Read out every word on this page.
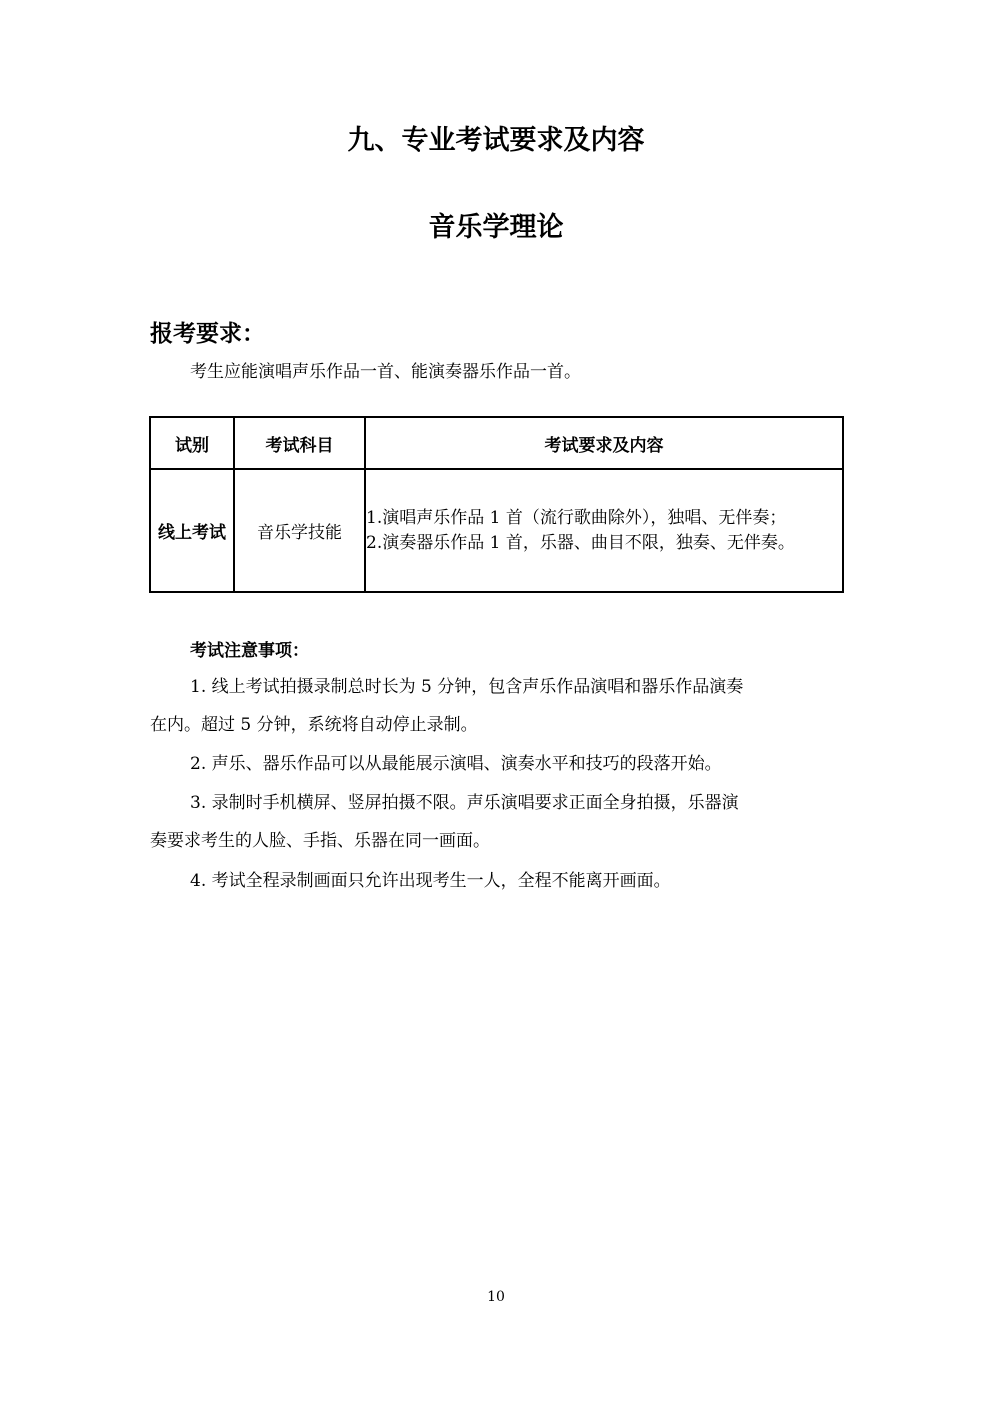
九、专业考试要求及内容
音乐学理论
报考要求：
考生应能演唱声乐作品一首、能演奏器乐作品一首。
试别	考试科目	考试要求及内容
线上考试	音乐学技能	1.演唱声乐作品 1 首（流行歌曲除外），独唱、无伴奏；
2.演奏器乐作品 1 首，乐器、曲目不限，独奏、无伴奏。
考试注意事项：
1. 线上考试拍摄录制总时长为 5 分钟，包含声乐作品演唱和器乐作品演奏
在内。超过 5 分钟，系统将自动停止录制。
2. 声乐、器乐作品可以从最能展示演唱、演奏水平和技巧的段落开始。
3. 录制时手机横屏、竖屏拍摄不限。声乐演唱要求正面全身拍摄，乐器演
奏要求考生的人脸、手指、乐器在同一画面。
4. 考试全程录制画面只允许出现考生一人，全程不能离开画面。
10
